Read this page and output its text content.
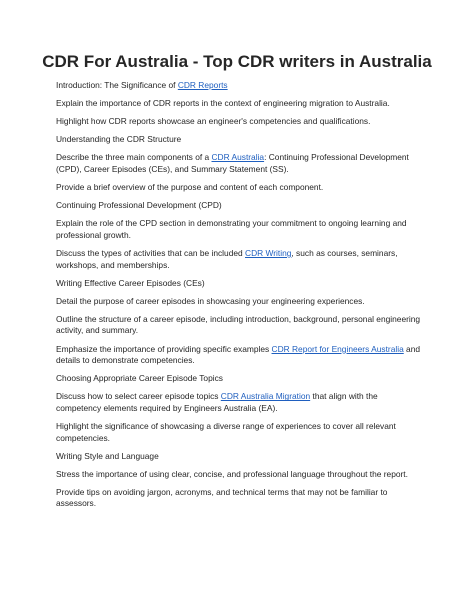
CDR For Australia - Top CDR writers in Australia

Introduction: The Significance of CDR Reports

Explain the importance of CDR reports in the context of engineering migration to Australia.

Highlight how CDR reports showcase an engineer's competencies and qualifications.

Understanding the CDR Structure

Describe the three main components of a CDR Australia: Continuing Professional Development (CPD), Career Episodes (CEs), and Summary Statement (SS).

Provide a brief overview of the purpose and content of each component.

Continuing Professional Development (CPD)

Explain the role of the CPD section in demonstrating your commitment to ongoing learning and professional growth.

Discuss the types of activities that can be included CDR Writing, such as courses, seminars, workshops, and memberships.

Writing Effective Career Episodes (CEs)

Detail the purpose of career episodes in showcasing your engineering experiences.

Outline the structure of a career episode, including introduction, background, personal engineering activity, and summary.

Emphasize the importance of providing specific examples CDR Report for Engineers Australia and details to demonstrate competencies.

Choosing Appropriate Career Episode Topics

Discuss how to select career episode topics CDR Australia Migration that align with the competency elements required by Engineers Australia (EA).

Highlight the significance of showcasing a diverse range of experiences to cover all relevant competencies.

Writing Style and Language

Stress the importance of using clear, concise, and professional language throughout the report.

Provide tips on avoiding jargon, acronyms, and technical terms that may not be familiar to assessors.
